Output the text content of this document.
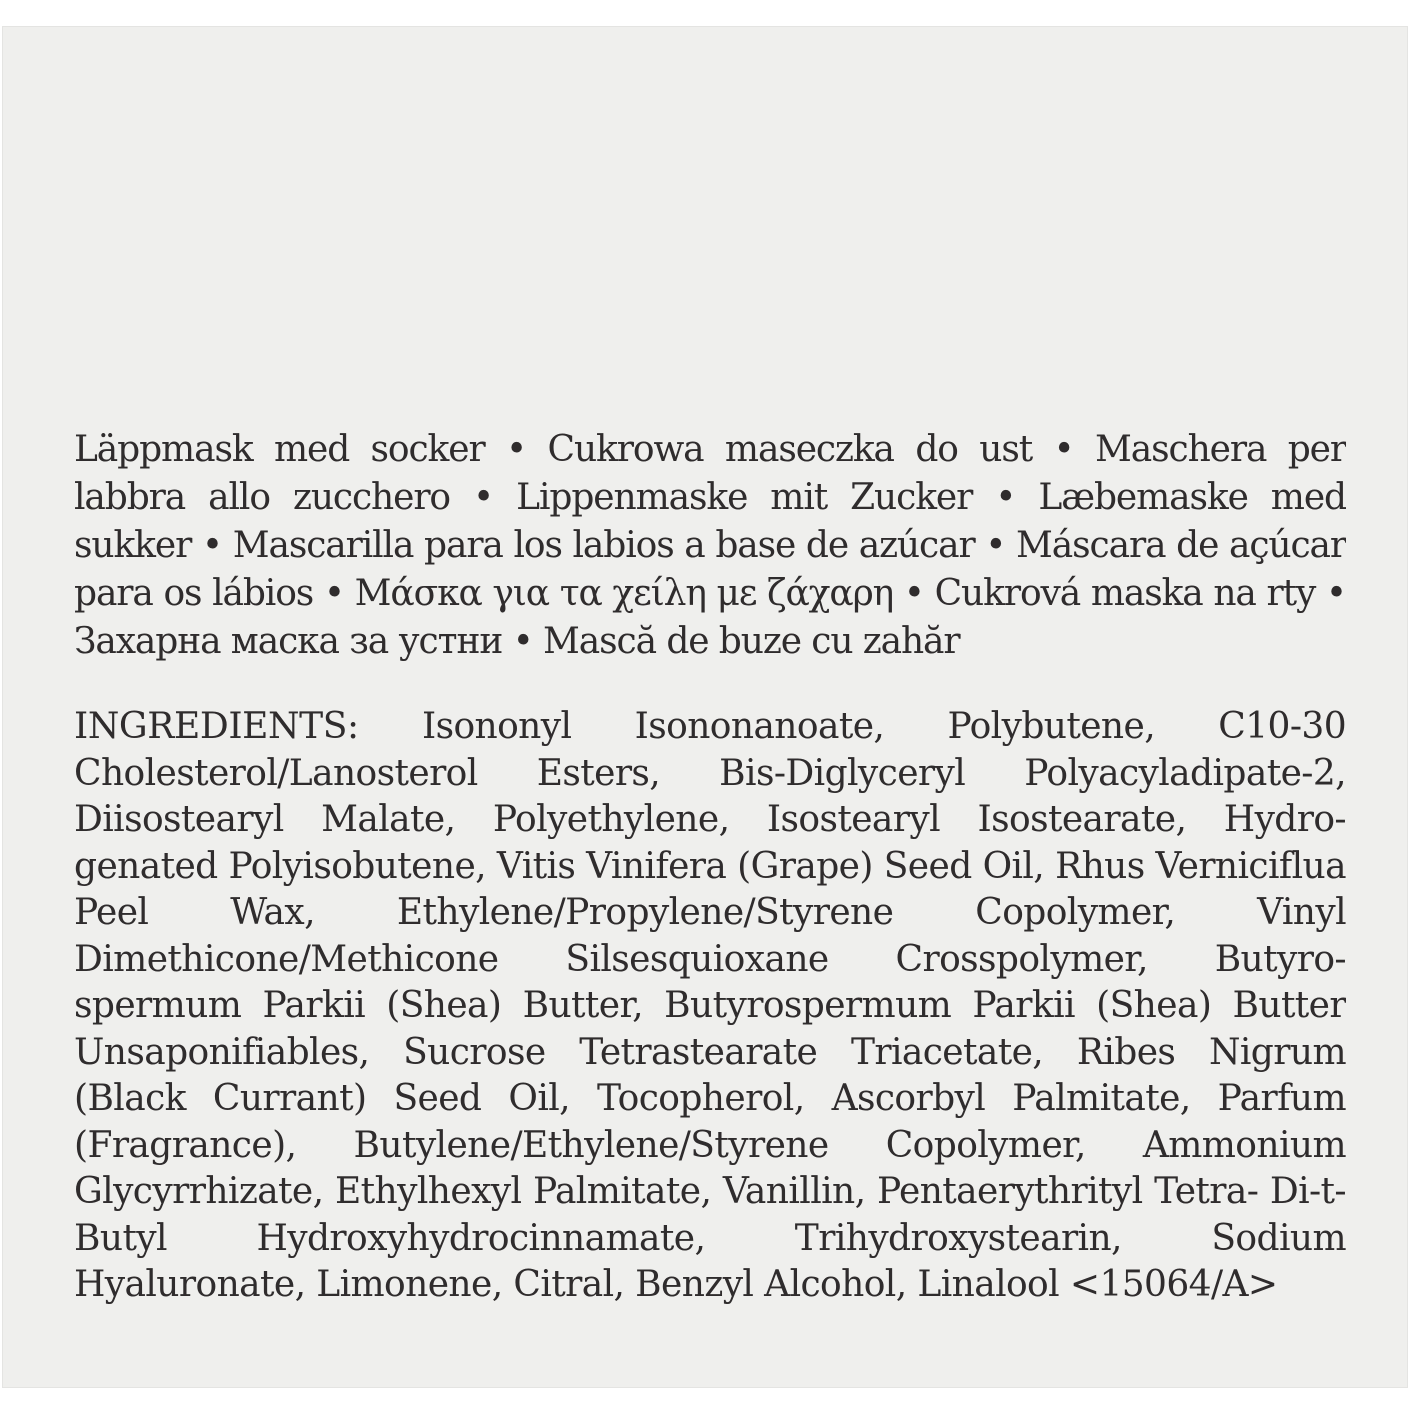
Läppmask med socker • Cukrowa maseczka do ust • Maschera per labbra allo zucchero • Lippenmaske mit Zucker • Læbemaske med sukker • Mascarilla para los labios a base de azúcar • Máscara de açúcar para os lábios • Μάσκα για τα χείλη με ζάχαρη • Cukrová maska na rty • Захарна маска за устни • Mască de buze cu zahăr

INGREDIENTS: Isononyl Isononanoate, Polybutene, C10-30 Cholesterol/Lanosterol Esters, Bis-Diglyceryl Polyacyladipate-2, Diisostearyl Malate, Polyethylene, Isostearyl Isostearate, Hydro- genated Polyisobutene, Vitis Vinifera (Grape) Seed Oil, Rhus Verniciflua Peel Wax, Ethylene/Propylene/Styrene Copolymer, Vinyl Dimethicone/Methicone Silsesquioxane Crosspolymer, Butyro- spermum Parkii (Shea) Butter, Butyrospermum Parkii (Shea) Butter Unsaponifiables, Sucrose Tetrastearate Triacetate, Ribes Nigrum (Black Currant) Seed Oil, Tocopherol, Ascorbyl Palmitate, Parfum (Fragrance), Butylene/Ethylene/Styrene Copolymer, Ammonium Glycyrrhizate, Ethylhexyl Palmitate, Vanillin, Pentaerythrityl Tetra- Di-t-Butyl Hydroxyhydrocinnamate, Trihydroxystearin, Sodium Hyaluronate, Limonene, Citral, Benzyl Alcohol, Linalool <15064/A>
